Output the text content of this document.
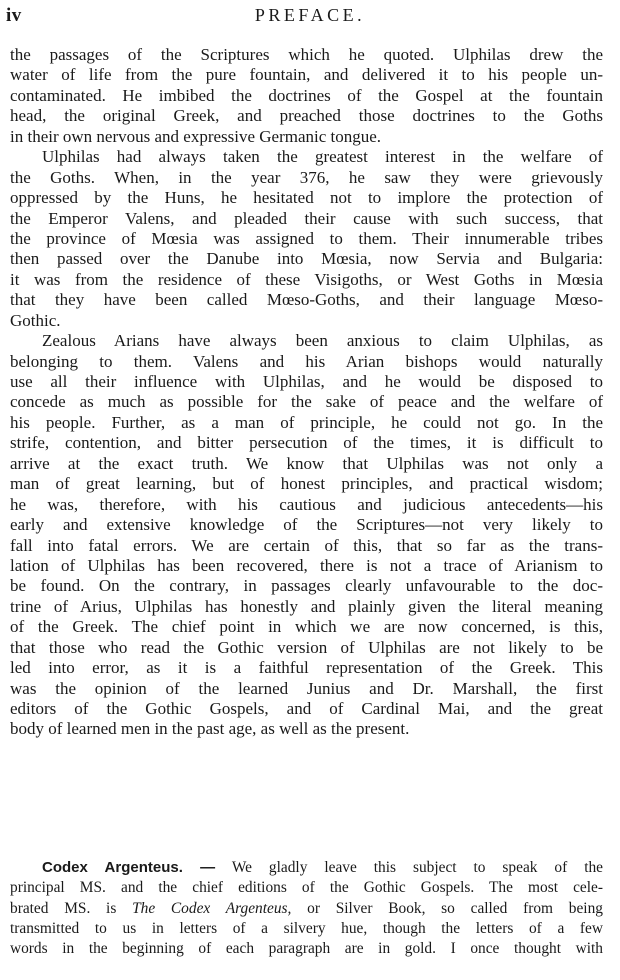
iv	PREFACE.
the passages of the Scriptures which he quoted. Ulphilas drew the
water of life from the pure fountain, and delivered it to his people un-
contaminated. He imbibed the doctrines of the Gospel at the fountain
head, the original Greek, and preached those doctrines to the Goths
in their own nervous and expressive Germanic tongue.
Ulphilas had always taken the greatest interest in the welfare of
the Goths. When, in the year 376, he saw they were grievously
oppressed by the Huns, he hesitated not to implore the protection of
the Emperor Valens, and pleaded their cause with such success, that
the province of Mœsia was assigned to them. Their innumerable tribes
then passed over the Danube into Mœsia, now Servia and Bulgaria:
it was from the residence of these Visigoths, or West Goths in Mœsia
that they have been called Mœso-Goths, and their language Mœso-
Gothic.
Zealous Arians have always been anxious to claim Ulphilas, as
belonging to them. Valens and his Arian bishops would naturally
use all their influence with Ulphilas, and he would be disposed to
concede as much as possible for the sake of peace and the welfare of
his people. Further, as a man of principle, he could not go. In the
strife, contention, and bitter persecution of the times, it is difficult to
arrive at the exact truth. We know that Ulphilas was not only a
man of great learning, but of honest principles, and practical wisdom;
he was, therefore, with his cautious and judicious antecedents—his
early and extensive knowledge of the Scriptures—not very likely to
fall into fatal errors. We are certain of this, that so far as the trans-
lation of Ulphilas has been recovered, there is not a trace of Arianism to
be found. On the contrary, in passages clearly unfavourable to the doc-
trine of Arius, Ulphilas has honestly and plainly given the literal meaning
of the Greek. The chief point in which we are now concerned, is this,
that those who read the Gothic version of Ulphilas are not likely to be
led into error, as it is a faithful representation of the Greek. This
was the opinion of the learned Junius and Dr. Marshall, the first
editors of the Gothic Gospels, and of Cardinal Mai, and the great
body of learned men in the past age, as well as the present.
Codex Argenteus. — We gladly leave this subject to speak of the
principal MS. and the chief editions of the Gothic Gospels. The most cele-
brated MS. is The Codex Argenteus, or Silver Book, so called from being
transmitted to us in letters of a silvery hue, though the letters of a few
words in the beginning of each paragraph are in gold. I once thought with
